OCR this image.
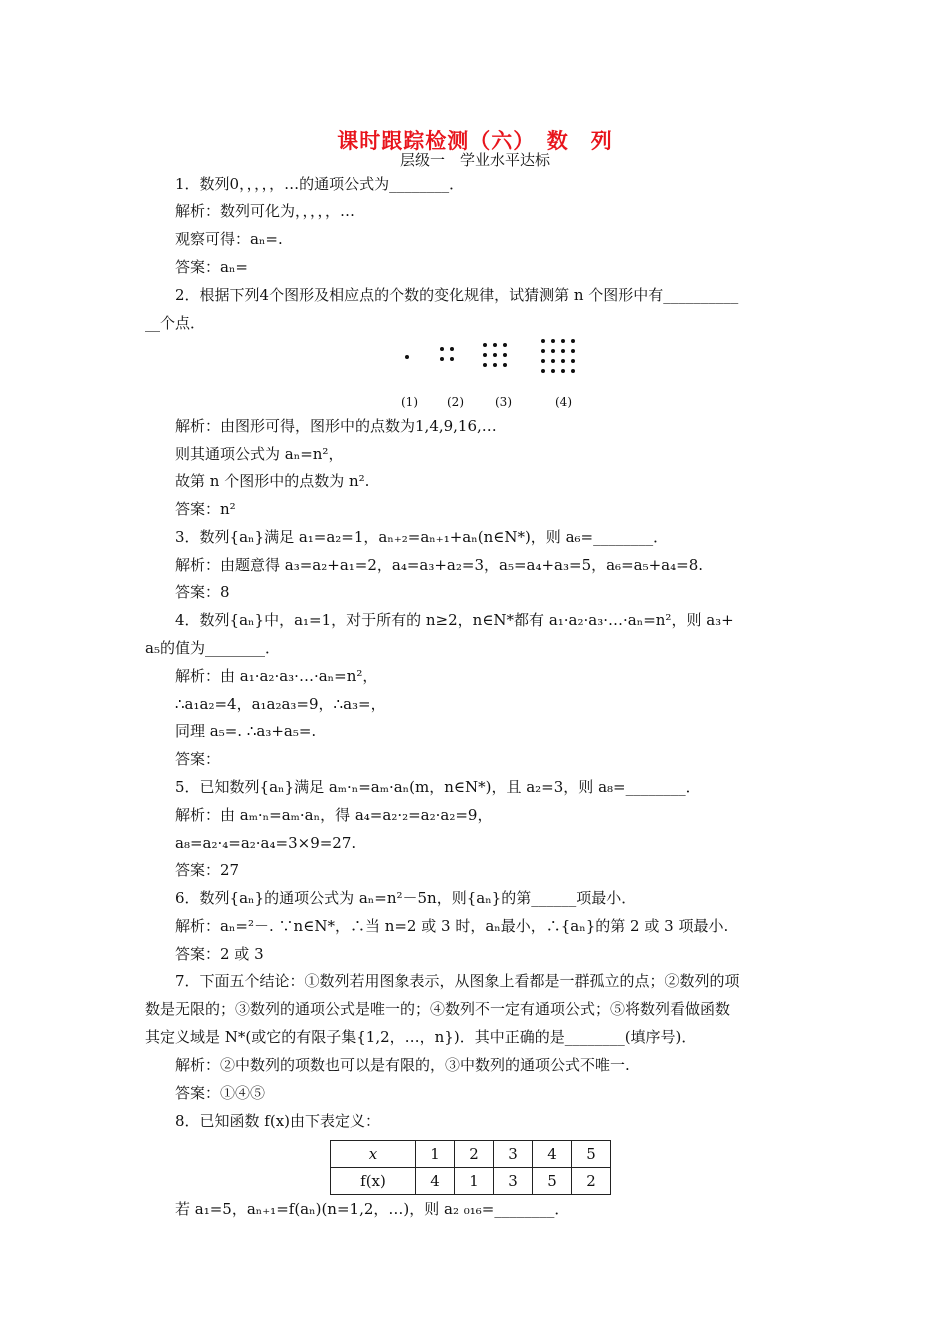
课时跟踪检测（六）　数　列
层级一　学业水平达标
1．数列0，，，，，…的通项公式为________．
解析：数列可化为，，，，，…
观察可得：aₙ=.
答案：aₙ=
2．根据下列4个图形及相应点的个数的变化规律，试猜测第 n 个图形中有__________
__个点．
解析：由图形可得，图形中的点数为1,4,9,16,…
则其通项公式为 aₙ=n²，
故第 n 个图形中的点数为 n².
答案：n²
3．数列{aₙ}满足 a₁=a₂=1，aₙ₊₂=aₙ₊₁+aₙ(n∈N*)，则 a₆=________．
解析：由题意得 a₃=a₂+a₁=2，a₄=a₃+a₂=3，a₅=a₄+a₃=5，a₆=a₅+a₄=8.
答案：8
4．数列{aₙ}中，a₁=1，对于所有的 n≥2，n∈N*都有 a₁·a₂·a₃·…·aₙ=n²，则 a₃+
a₅的值为________．
解析：由 a₁·a₂·a₃·…·aₙ=n²，
∴a₁a₂=4，a₁a₂a₃=9，∴a₃=，
同理 a₅=. ∴a₃+a₅=.
答案：
5．已知数列{aₙ}满足 aₘ·ₙ=aₘ·aₙ(m，n∈N*)，且 a₂=3，则 a₈=________．
解析：由 aₘ·ₙ=aₘ·aₙ，得 a₄=a₂·₂=a₂·a₂=9，
a₈=a₂·₄=a₂·a₄=3×9=27.
答案：27
6．数列{aₙ}的通项公式为 aₙ=n²－5n，则{aₙ}的第______项最小．
解析：aₙ=²－. ∵n∈N*，∴当 n=2 或 3 时，aₙ最小，∴{aₙ}的第 2 或 3 项最小.
答案：2 或 3
7．下面五个结论：①数列若用图象表示，从图象上看都是一群孤立的点；②数列的项
数是无限的；③数列的通项公式是唯一的；④数列不一定有通项公式；⑤将数列看做函数
其定义域是 N*(或它的有限子集{1,2，…，n})．其中正确的是________(填序号)．
解析：②中数列的项数也可以是有限的，③中数列的通项公式不唯一.
答案：①④⑤
8．已知函数 f(x)由下表定义：
若 a₁=5，aₙ₊₁=f(aₙ)(n=1,2，…)，则 a₂ ₀₁₆=________．
(1) (2)	(3)	(4)
x	1	2	3	4	5
f(x)	4	1	3	5	2
